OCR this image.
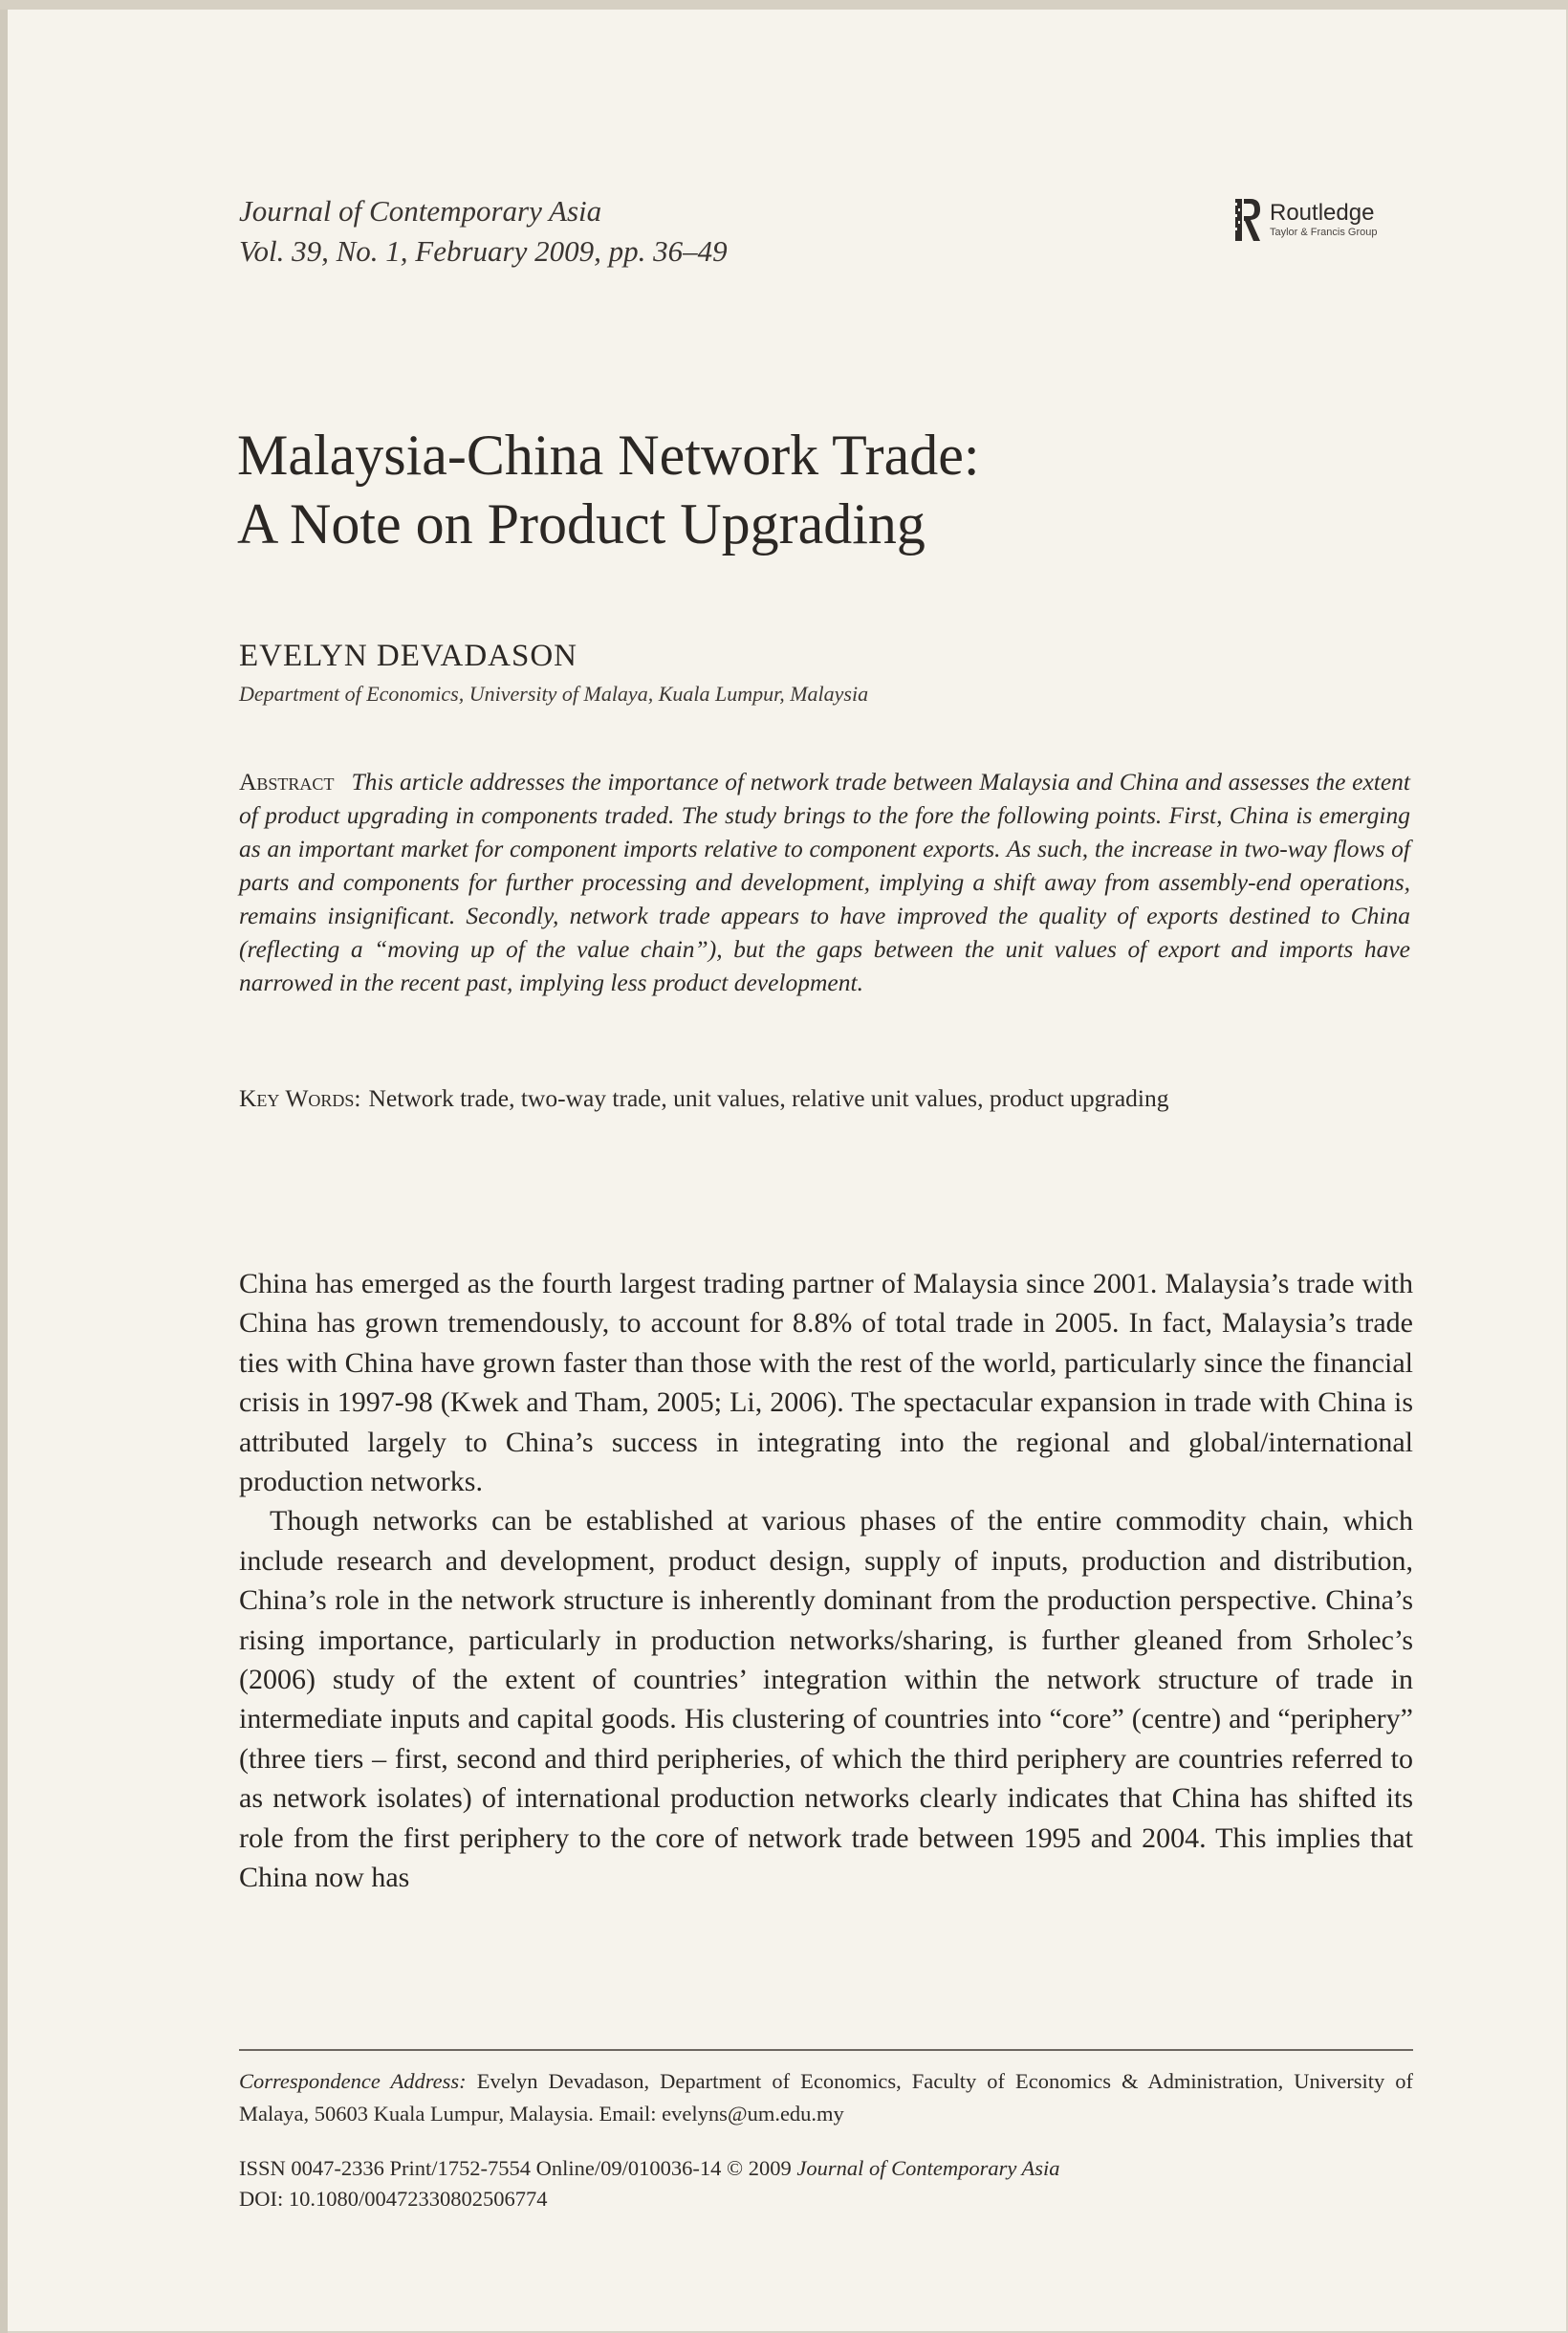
Journal of Contemporary Asia
Vol. 39, No. 1, February 2009, pp. 36–49
Routledge
Taylor & Francis Group
Malaysia-China Network Trade:
A Note on Product Upgrading
EVELYN DEVADASON
Department of Economics, University of Malaya, Kuala Lumpur, Malaysia
Abstract This article addresses the importance of network trade between Malaysia and China and assesses the extent of product upgrading in components traded. The study brings to the fore the following points. First, China is emerging as an important market for component imports relative to component exports. As such, the increase in two-way flows of parts and components for further processing and development, implying a shift away from assembly-end operations, remains insignificant. Secondly, network trade appears to have improved the quality of exports destined to China (reflecting a “moving up of the value chain”), but the gaps between the unit values of export and imports have narrowed in the recent past, implying less product development.
Key Words: Network trade, two-way trade, unit values, relative unit values, product upgrading

China has emerged as the fourth largest trading partner of Malaysia since 2001. Malaysia’s trade with China has grown tremendously, to account for 8.8% of total trade in 2005. In fact, Malaysia’s trade ties with China have grown faster than those with the rest of the world, particularly since the financial crisis in 1997-98 (Kwek and Tham, 2005; Li, 2006). The spectacular expansion in trade with China is attributed largely to China’s success in integrating into the regional and global/international production networks.

Though networks can be established at various phases of the entire commodity chain, which include research and development, product design, supply of inputs, production and distribution, China’s role in the network structure is inherently dominant from the production perspective. China’s rising importance, particularly in production networks/sharing, is further gleaned from Srholec’s (2006) study of the extent of countries’ integration within the network structure of trade in intermediate inputs and capital goods. His clustering of countries into “core” (centre) and “periphery” (three tiers – first, second and third peripheries, of which the third periphery are countries referred to as network isolates) of international production networks clearly indicates that China has shifted its role from the first periphery to the core of network trade between 1995 and 2004. This implies that China now has

Correspondence Address: Evelyn Devadason, Department of Economics, Faculty of Economics & Administration, University of Malaya, 50603 Kuala Lumpur, Malaysia. Email: evelyns@um.edu.my
ISSN 0047-2336 Print/1752-7554 Online/09/010036-14 © 2009 Journal of Contemporary Asia
DOI: 10.1080/00472330802506774
